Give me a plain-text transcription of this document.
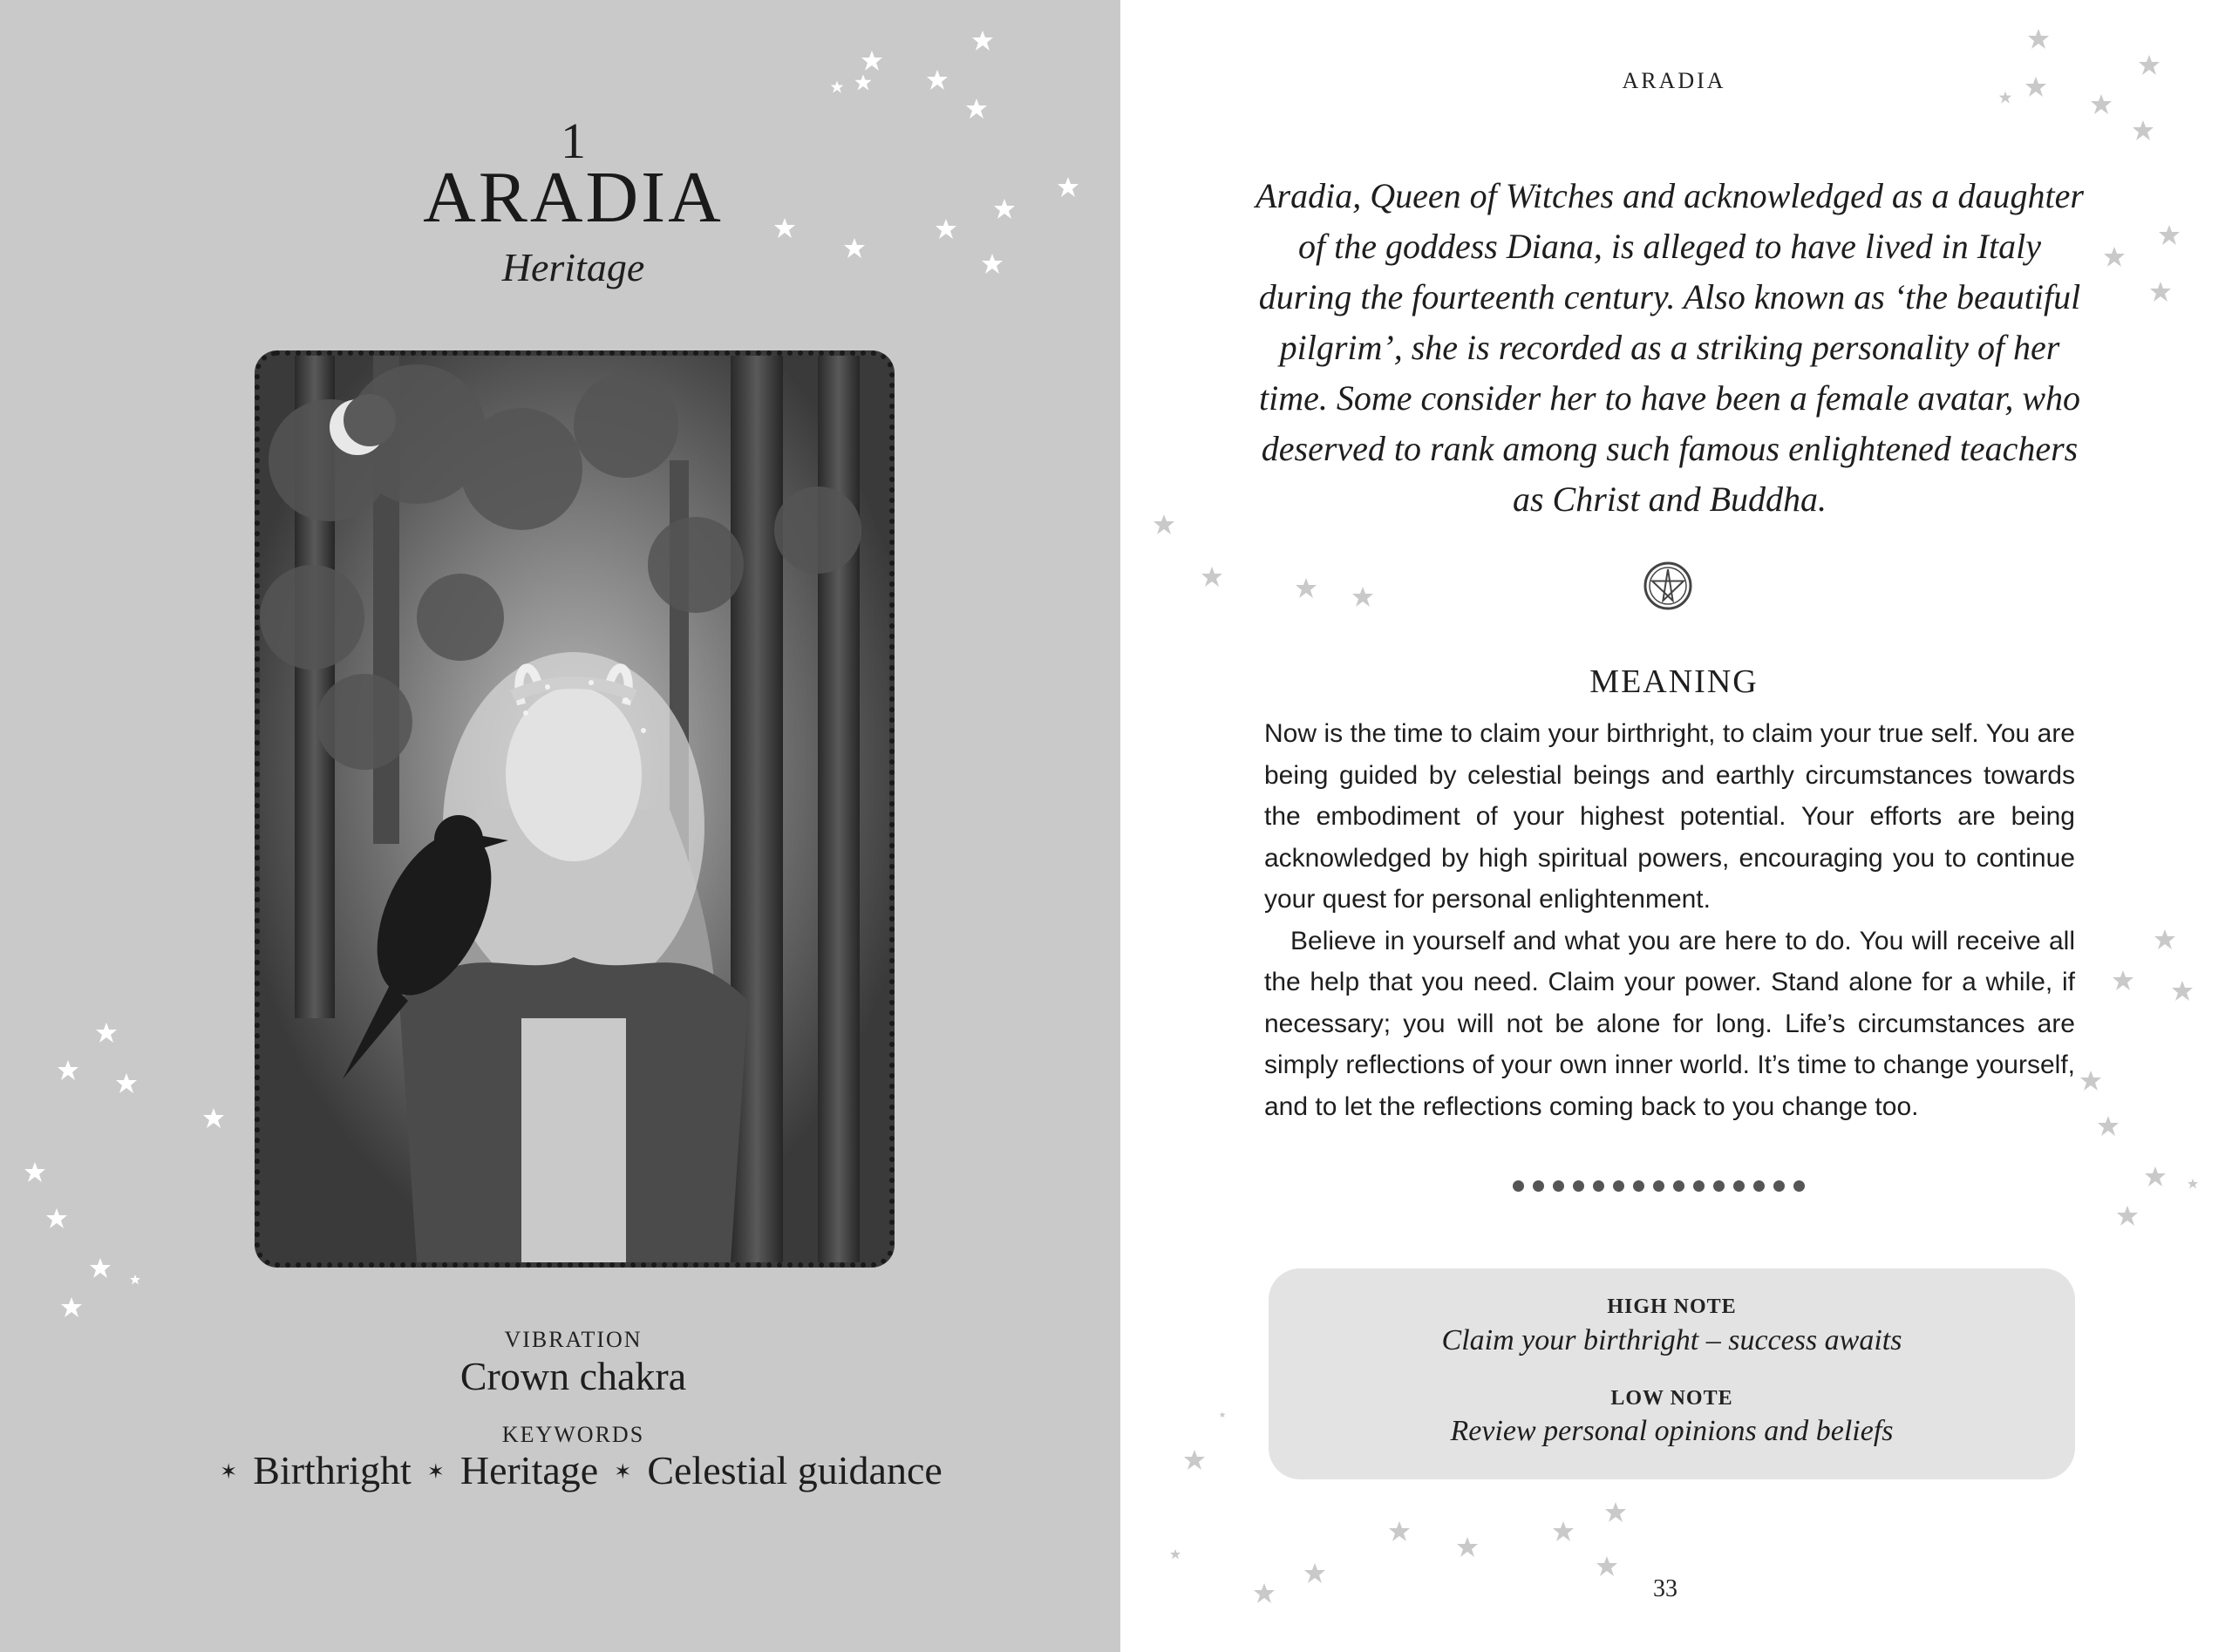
1
ARADIA
Heritage
VIBRATION
Crown chakra
KEYWORDS
✶ Birthright ✶ Heritage ✶ Celestial guidance
ARADIA

Aradia, Queen of Witches and acknowledged as a daughter of the goddess Diana, is alleged to have lived in Italy during the fourteenth century. Also known as ‘the beautiful pilgrim’, she is recorded as a striking personality of her time. Some consider her to have been a female avatar, who deserved to rank among such famous enlightened teachers as Christ and Buddha.

MEANING

Now is the time to claim your birthright, to claim your true self. You are being guided by celestial beings and earthly circumstances towards the embodiment of your highest potential. Your efforts are being acknowledged by high spiritual powers, encouraging you to continue your quest for personal enlightenment.

Believe in yourself and what you are here to do. You will receive all the help that you need. Claim your power. Stand alone for a while, if necessary; you will not be alone for long. Life’s circumstances are simply reflections of your own inner world. It’s time to change yourself, and to let the reflections coming back to you change too.

HIGH NOTE
Claim your birthright – success awaits
LOW NOTE
Review personal opinions and beliefs
33
